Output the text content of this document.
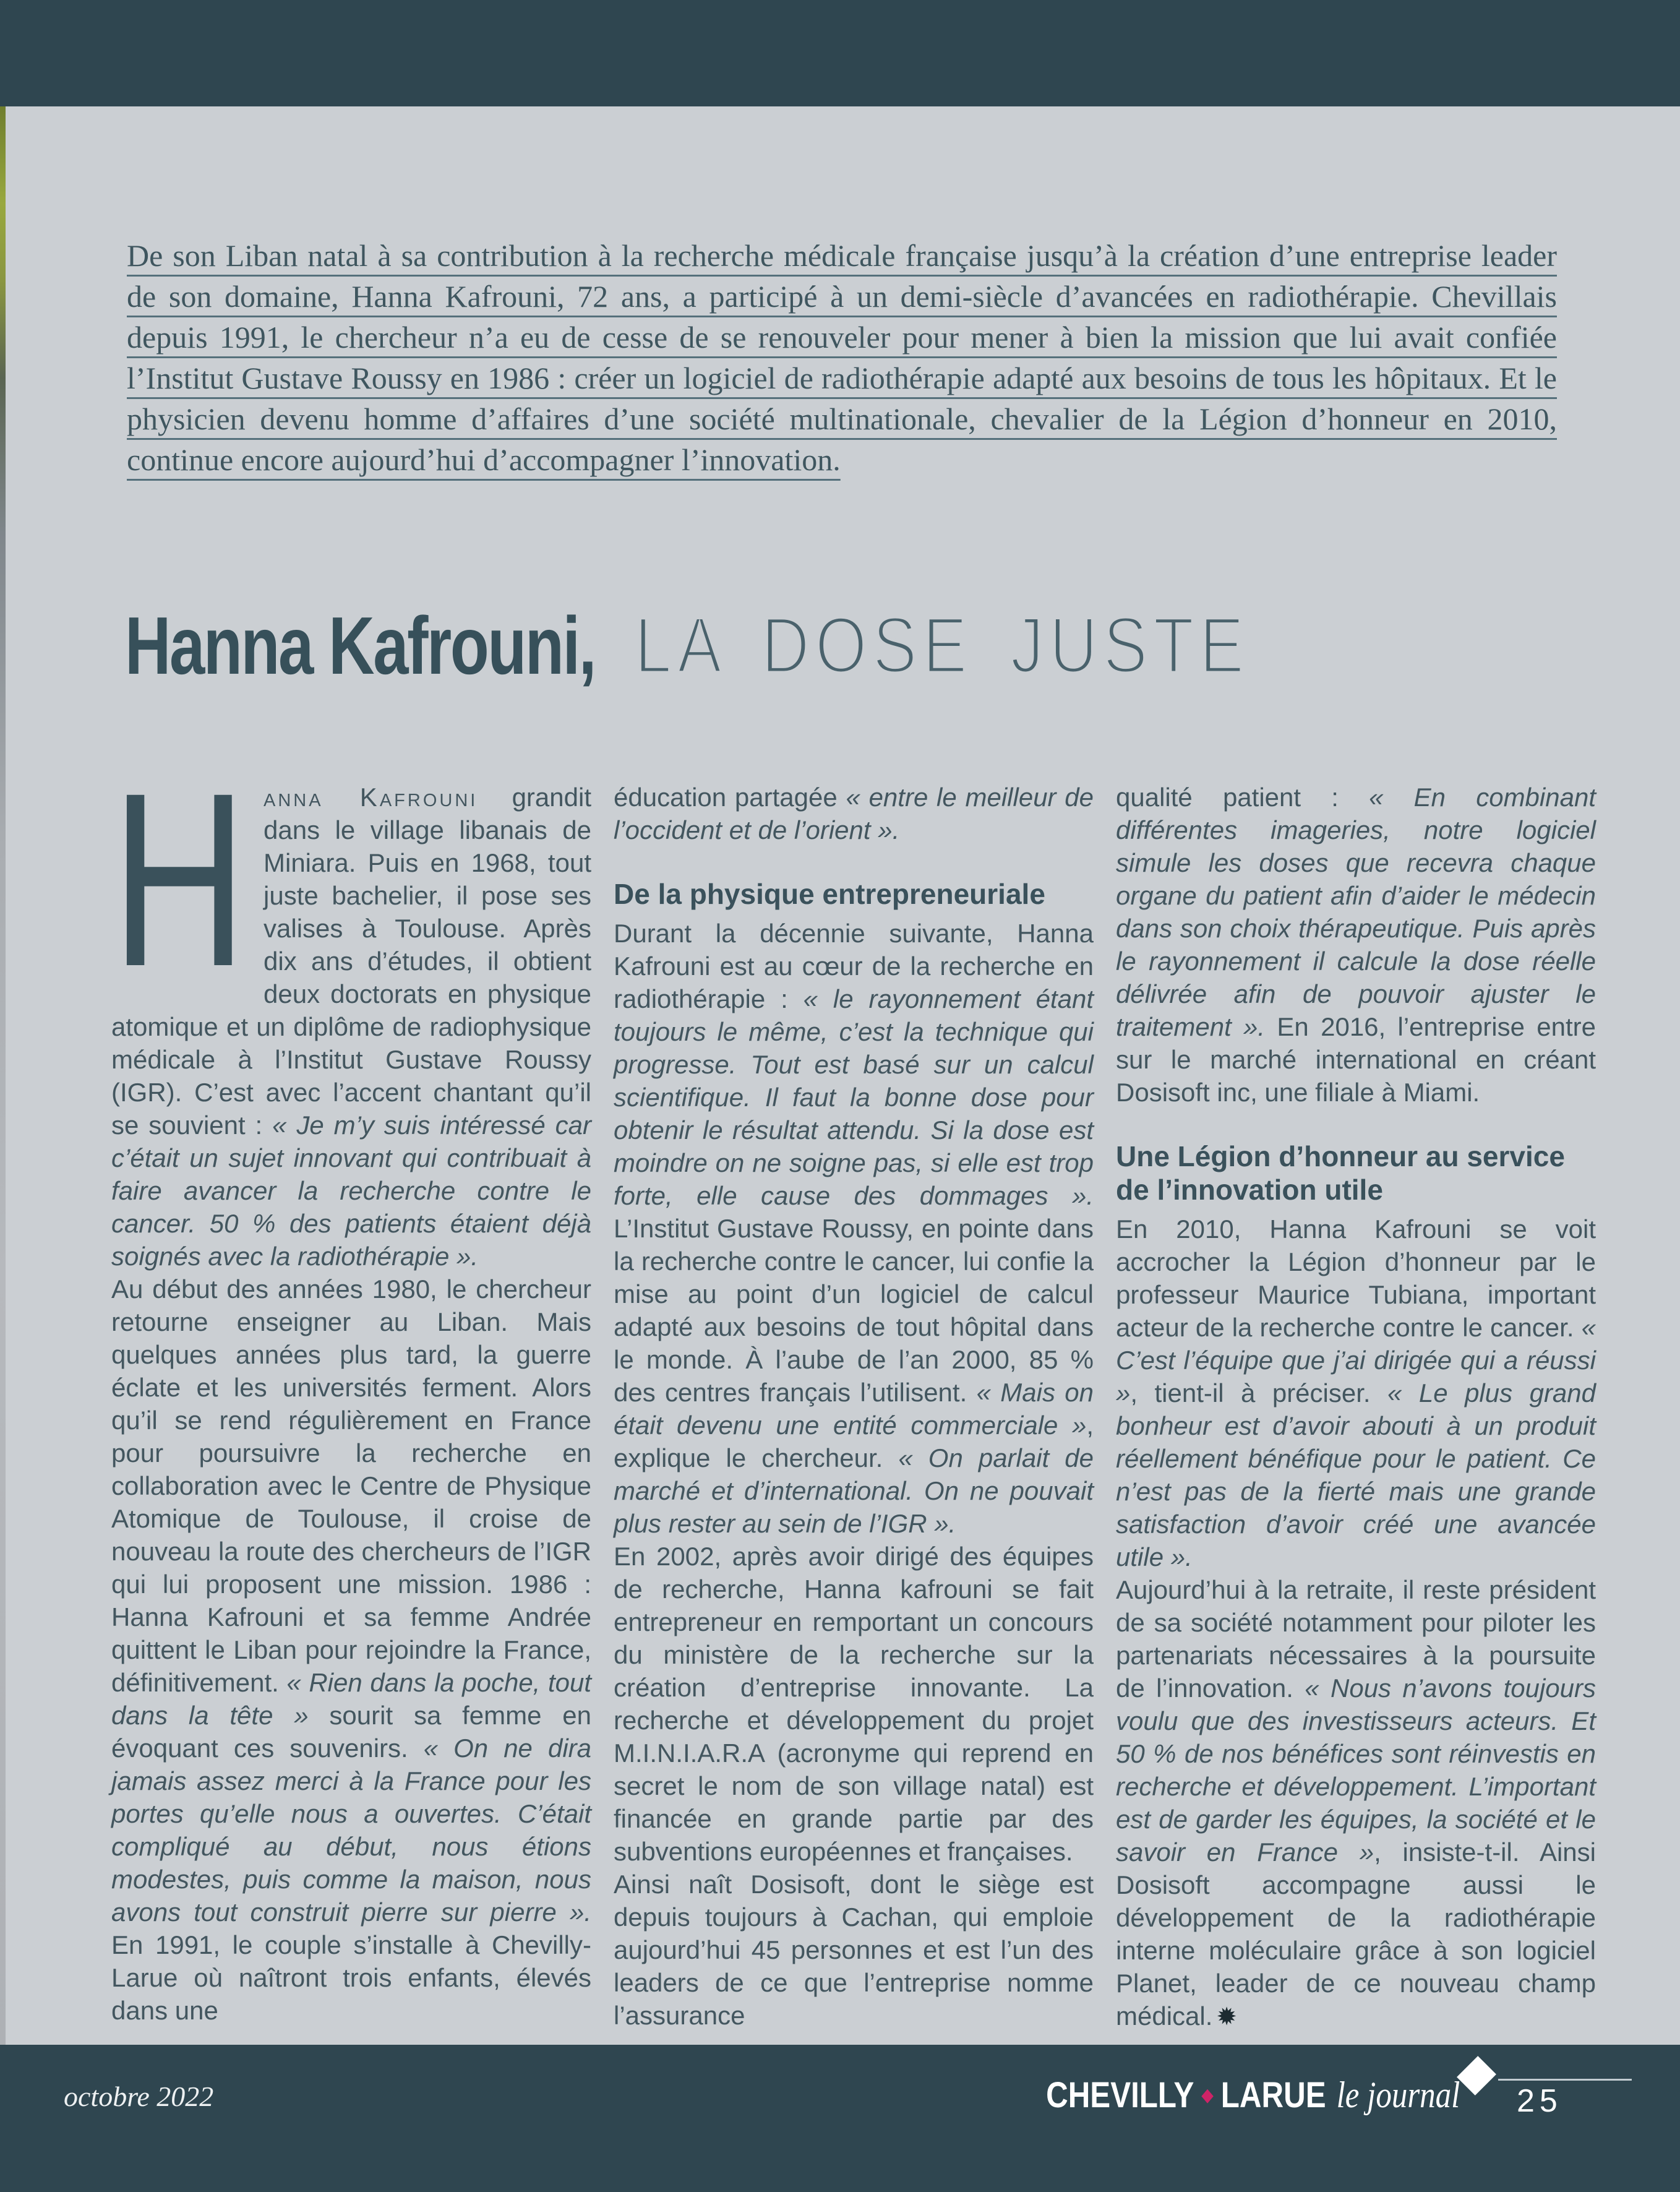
De son Liban natal à sa contribution à la recherche médicale française jusqu’à la création d’une entreprise leader de son domaine, Hanna Kafrouni, 72 ans, a participé à un demi-siècle d’avancées en radiothérapie. Chevillais depuis 1991, le chercheur n’a eu de cesse de se renouveler pour mener à bien la mission que lui avait confiée l’Institut Gustave Roussy en 1986 : créer un logiciel de radiothérapie adapté aux besoins de tous les hôpitaux. Et le physicien devenu homme d’affaires d’une société multinationale, chevalier de la Légion d’honneur en 2010, continue encore aujourd’hui d’accompagner l’innovation.

Hanna Kafrouni, LA DOSE JUSTE

Hanna Kafrouni grandit dans le village libanais de Miniara. Puis en 1968, tout juste bachelier, il pose ses valises à Toulouse. Après dix ans d’études, il obtient deux doctorats en physique atomique et un diplôme de radiophysique médicale à l’Institut Gustave Roussy (IGR). C’est avec l’accent chantant qu’il se souvient : « Je m’y suis intéressé car c’était un sujet innovant qui contribuait à faire avancer la recherche contre le cancer. 50 % des patients étaient déjà soignés avec la radiothérapie ».

Au début des années 1980, le chercheur retourne enseigner au Liban. Mais quelques années plus tard, la guerre éclate et les universités ferment. Alors qu’il se rend régulièrement en France pour poursuivre la recherche en collaboration avec le Centre de Physique Atomique de Toulouse, il croise de nouveau la route des chercheurs de l’IGR qui lui proposent une mission. 1986 : Hanna Kafrouni et sa femme Andrée quittent le Liban pour rejoindre la France, définitivement. « Rien dans la poche, tout dans la tête » sourit sa femme en évoquant ces souvenirs. « On ne dira jamais assez merci à la France pour les portes qu’elle nous a ouvertes. C’était compliqué au début, nous étions modestes, puis comme la maison, nous avons tout construit pierre sur pierre ». En 1991, le couple s’installe à Chevilly-Larue où naîtront trois enfants, élevés dans une

éducation partagée « entre le meilleur de l’occident et de l’orient ».

De la physique entrepreneuriale

Durant la décennie suivante, Hanna Kafrouni est au cœur de la recherche en radiothérapie : « le rayonnement étant toujours le même, c’est la technique qui progresse. Tout est basé sur un calcul scientifique. Il faut la bonne dose pour obtenir le résultat attendu. Si la dose est moindre on ne soigne pas, si elle est trop forte, elle cause des dommages ». L’Institut Gustave Roussy, en pointe dans la recherche contre le cancer, lui confie la mise au point d’un logiciel de calcul adapté aux besoins de tout hôpital dans le monde. À l’aube de l’an 2000, 85 % des centres français l’utilisent. « Mais on était devenu une entité commerciale », explique le chercheur. « On parlait de marché et d’international. On ne pouvait plus rester au sein de l’IGR ».

En 2002, après avoir dirigé des équipes de recherche, Hanna kafrouni se fait entrepreneur en remportant un concours du ministère de la recherche sur la création d’entreprise innovante. La recherche et développement du projet M.I.N.I.A.R.A (acronyme qui reprend en secret le nom de son village natal) est financée en grande partie par des subventions européennes et françaises.

Ainsi naît Dosisoft, dont le siège est depuis toujours à Cachan, qui emploie aujourd’hui 45 personnes et est l’un des leaders de ce que l’entreprise nomme l’assurance

qualité patient : « En combinant différentes imageries, notre logiciel simule les doses que recevra chaque organe du patient afin d’aider le médecin dans son choix thérapeutique. Puis après le rayonnement il calcule la dose réelle délivrée afin de pouvoir ajuster le traitement ». En 2016, l’entreprise entre sur le marché international en créant Dosisoft inc, une filiale à Miami.

Une Légion d’honneur au service de l’innovation utile

En 2010, Hanna Kafrouni se voit accrocher la Légion d’honneur par le professeur Maurice Tubiana, important acteur de la recherche contre le cancer. « C’est l’équipe que j’ai dirigée qui a réussi », tient-il à préciser. « Le plus grand bonheur est d’avoir abouti à un produit réellement bénéfique pour le patient. Ce n’est pas de la fierté mais une grande satisfaction d’avoir créé une avancée utile ».

Aujourd’hui à la retraite, il reste président de sa société notamment pour piloter les partenariats nécessaires à la poursuite de l’innovation. « Nous n’avons toujours voulu que des investisseurs acteurs. Et 50 % de nos bénéfices sont réinvestis en recherche et développement. L’important est de garder les équipes, la société et le savoir en France », insiste-t-il. Ainsi Dosisoft accompagne aussi le développement de la radiothérapie interne moléculaire grâce à son logiciel Planet, leader de ce nouveau champ médical. ✹

octobre 2022	CHEVILLY ◆ LARUE le journal 25
